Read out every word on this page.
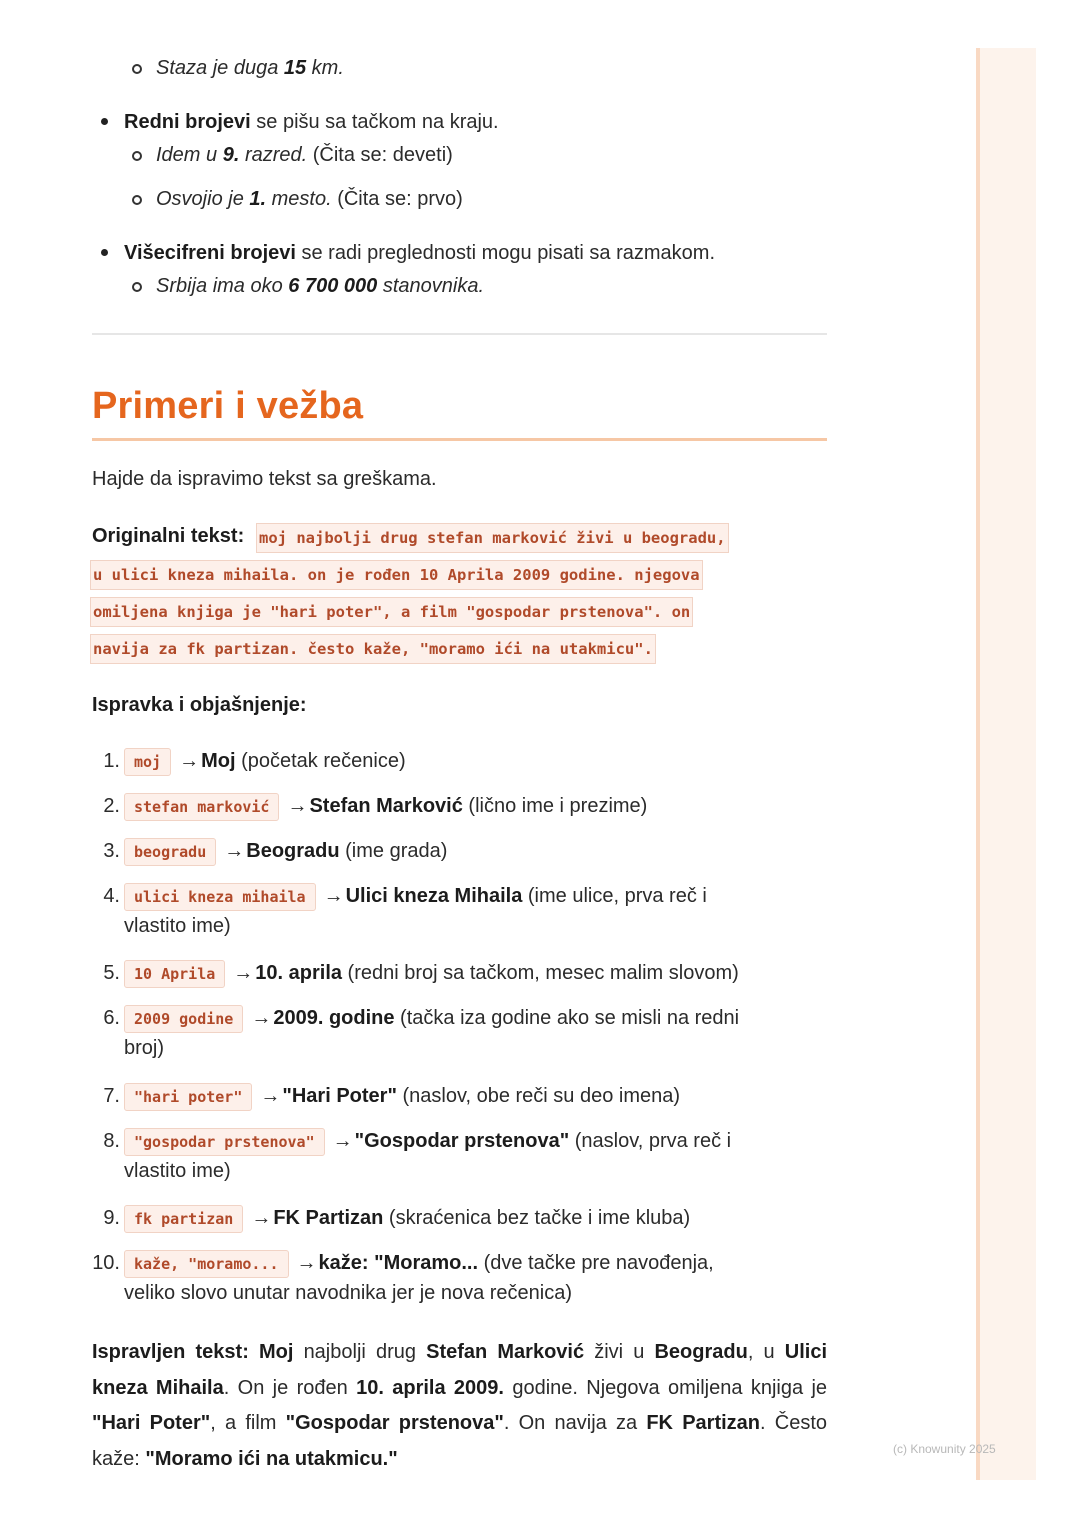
(c) Knowunity 2025
Staza je duga 15 km.
Redni brojevi se pišu sa tačkom na kraju.
Idem u 9. razred. (Čita se: deveti)
Osvojio je 1. mesto. (Čita se: prvo)
Višecifreni brojevi se radi preglednosti mogu pisati sa razmakom.
Srbija ima oko 6 700 000 stanovnika.
Primeri i vežba
Hajde da ispravimo tekst sa greškama.
Originalni tekst: moj najbolji drug stefan marković živi u beogradu,
u ulici kneza mihaila. on je rođen 10 Aprila 2009 godine. njegova
omiljena knjiga je "hari poter", a film "gospodar prstenova". on
navija za fk partizan. često kaže, "moramo ići na utakmicu".
Ispravka i objašnjenje:
1. moj → Moj (početak rečenice)
2. stefan marković → Stefan Marković (lično ime i prezime)
3. beogradu → Beogradu (ime grada)
4. ulici kneza mihaila → Ulici kneza Mihaila (ime ulice, prva reč i
vlastito ime)
5. 10 Aprila → 10. aprila (redni broj sa tačkom, mesec malim slovom)
6. 2009 godine → 2009. godine (tačka iza godine ako se misli na redni
broj)
7. "hari poter" → "Hari Poter" (naslov, obe reči su deo imena)
8. "gospodar prstenova" → "Gospodar prstenova" (naslov, prva reč i
vlastito ime)
9. fk partizan → FK Partizan (skraćenica bez tačke i ime kluba)
10. kaže, "moramo... → kaže: "Moramo... (dve tačke pre navođenja,
veliko slovo unutar navodnika jer je nova rečenica)
Ispravljen tekst: Moj najbolji drug Stefan Marković živi u Beogradu, u Ulici kneza Mihaila. On je rođen 10. aprila 2009. godine. Njegova omiljena knjiga je "Hari Poter", a film "Gospodar prstenova". On navija za FK Partizan. Često kaže: "Moramo ići na utakmicu."
